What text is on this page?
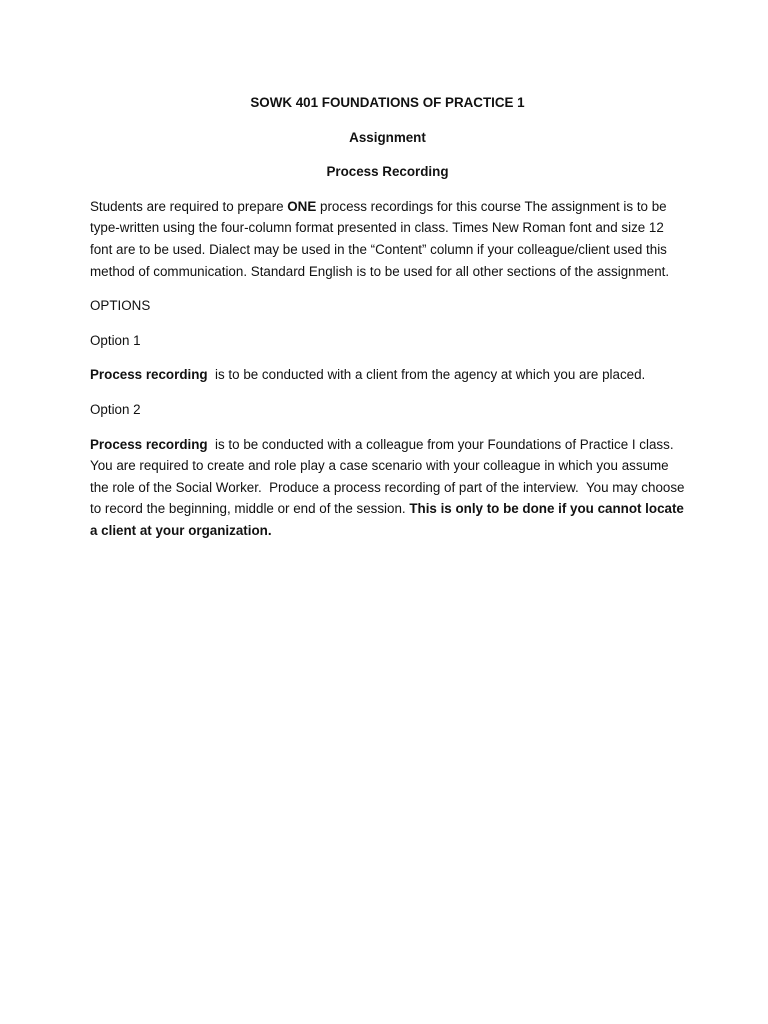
SOWK 401 FOUNDATIONS OF PRACTICE 1

Assignment

Process Recording

Students are required to prepare ONE process recordings for this course The assignment is to be type-written using the four-column format presented in class. Times New Roman font and size 12 font are to be used. Dialect may be used in the “Content” column if your colleague/client used this method of communication. Standard English is to be used for all other sections of the assignment.

OPTIONS

Option 1

Process recording  is to be conducted with a client from the agency at which you are placed.

Option 2

Process recording  is to be conducted with a colleague from your Foundations of Practice I class.  You are required to create and role play a case scenario with your colleague in which you assume the role of the Social Worker.  Produce a process recording of part of the interview.  You may choose to record the beginning, middle or end of the session. This is only to be done if you cannot locate a client at your organization.
